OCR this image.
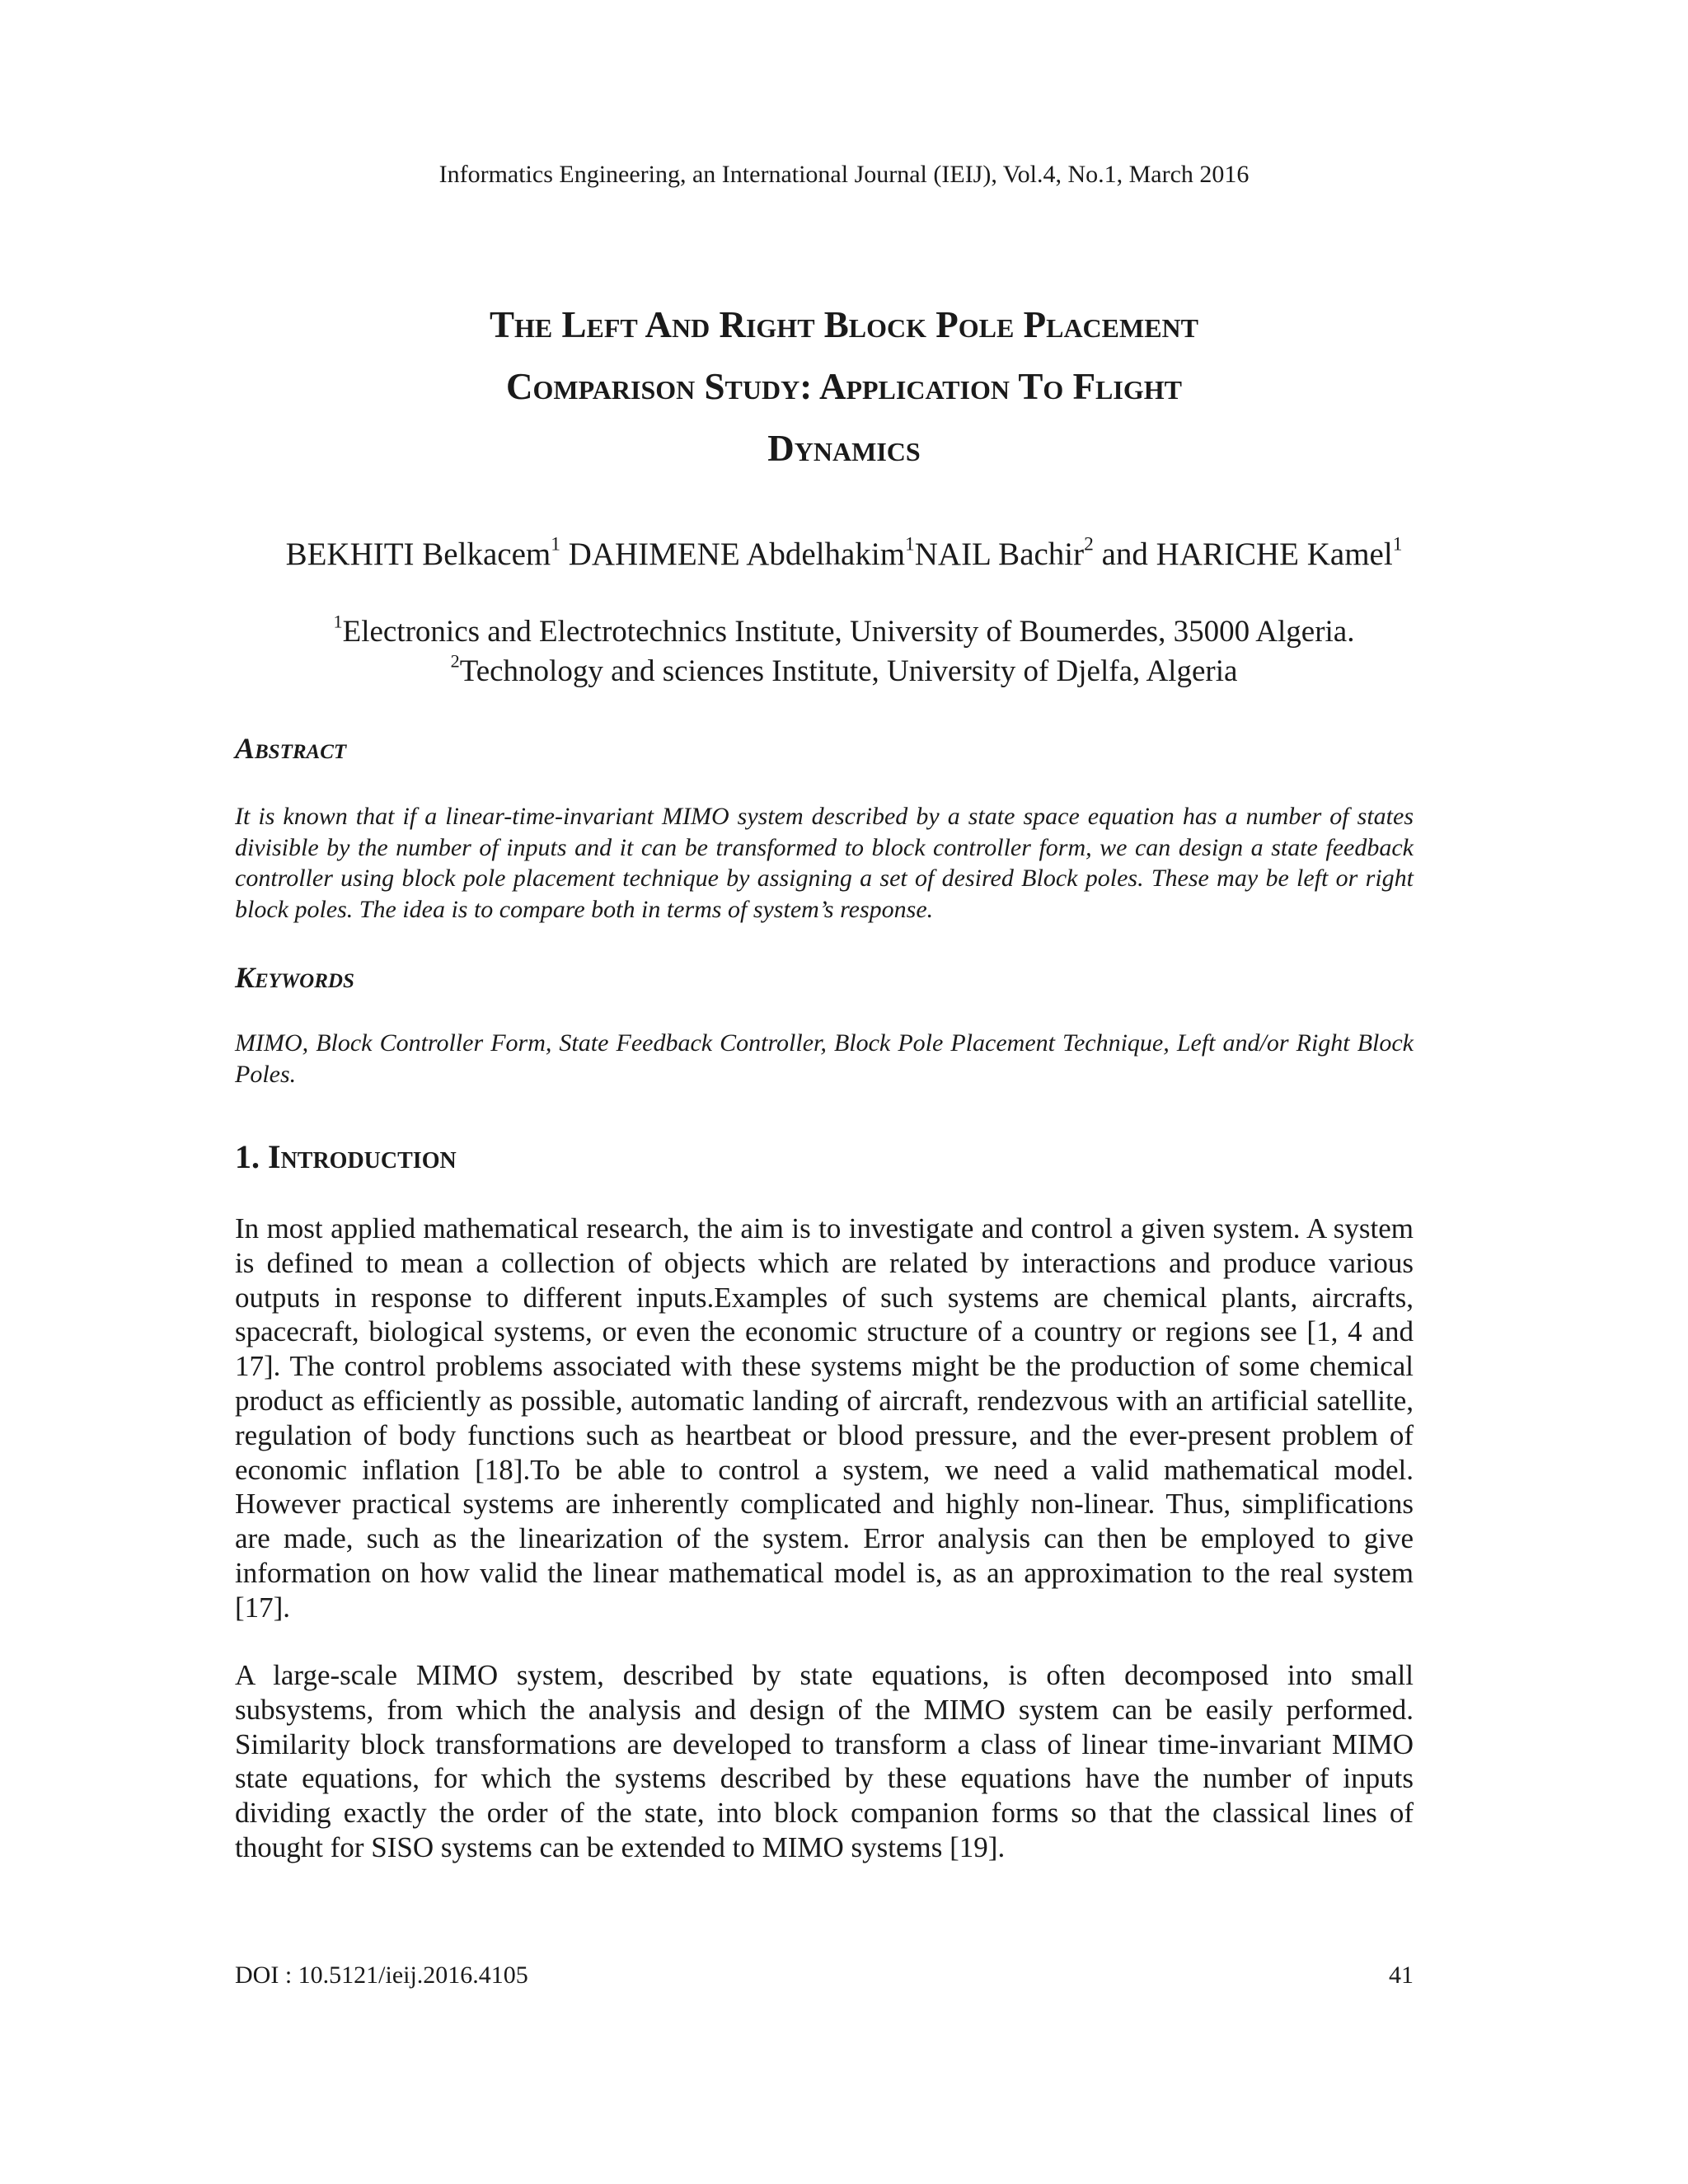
Informatics Engineering, an International Journal (IEIJ), Vol.4, No.1, March 2016
The Left And Right Block Pole Placement
Comparison Study: Application To Flight
Dynamics
BEKHITI Belkacem$^1$ DAHIMENE Abdelhakim$^1$NAIL Bachir$^2$ and HARICHE Kamel$^1$
$^1$Electronics and Electrotechnics Institute, University of Boumerdes, 35000 Algeria.
$^2$Technology and sciences Institute, University of Djelfa, Algeria
Abstract
It is known that if a linear-time-invariant MIMO system described by a state space equation has a number of states divisible by the number of inputs and it can be transformed to block controller form, we can design a state feedback controller using block pole placement technique by assigning a set of desired Block poles. These may be left or right block poles. The idea is to compare both in terms of system’s response.
Keywords
MIMO, Block Controller Form, State Feedback Controller, Block Pole Placement Technique, Left and/or Right Block Poles.
1. Introduction
In most applied mathematical research, the aim is to investigate and control a given system. A system is defined to mean a collection of objects which are related by interactions and produce various outputs in response to different inputs.Examples of such systems are chemical plants, aircrafts, spacecraft, biological systems, or even the economic structure of a country or regions see [1, 4 and 17]. The control problems associated with these systems might be the production of some chemical product as efficiently as possible, automatic landing of aircraft, rendezvous with an artificial satellite, regulation of body functions such as heartbeat or blood pressure, and the ever-present problem of economic inflation [18].To be able to control a system, we need a valid mathematical model. However practical systems are inherently complicated and highly non-linear. Thus, simplifications are made, such as the linearization of the system. Error analysis can then be employed to give information on how valid the linear mathematical model is, as an approximation to the real system [17].
A large-scale MIMO system, described by state equations, is often decomposed into small subsystems, from which the analysis and design of the MIMO system can be easily performed. Similarity block transformations are developed to transform a class of linear time-invariant MIMO state equations, for which the systems described by these equations have the number of inputs dividing exactly the order of the state, into block companion forms so that the classical lines of thought for SISO systems can be extended to MIMO systems [19].
DOI : 10.5121/ieij.2016.4105	41
